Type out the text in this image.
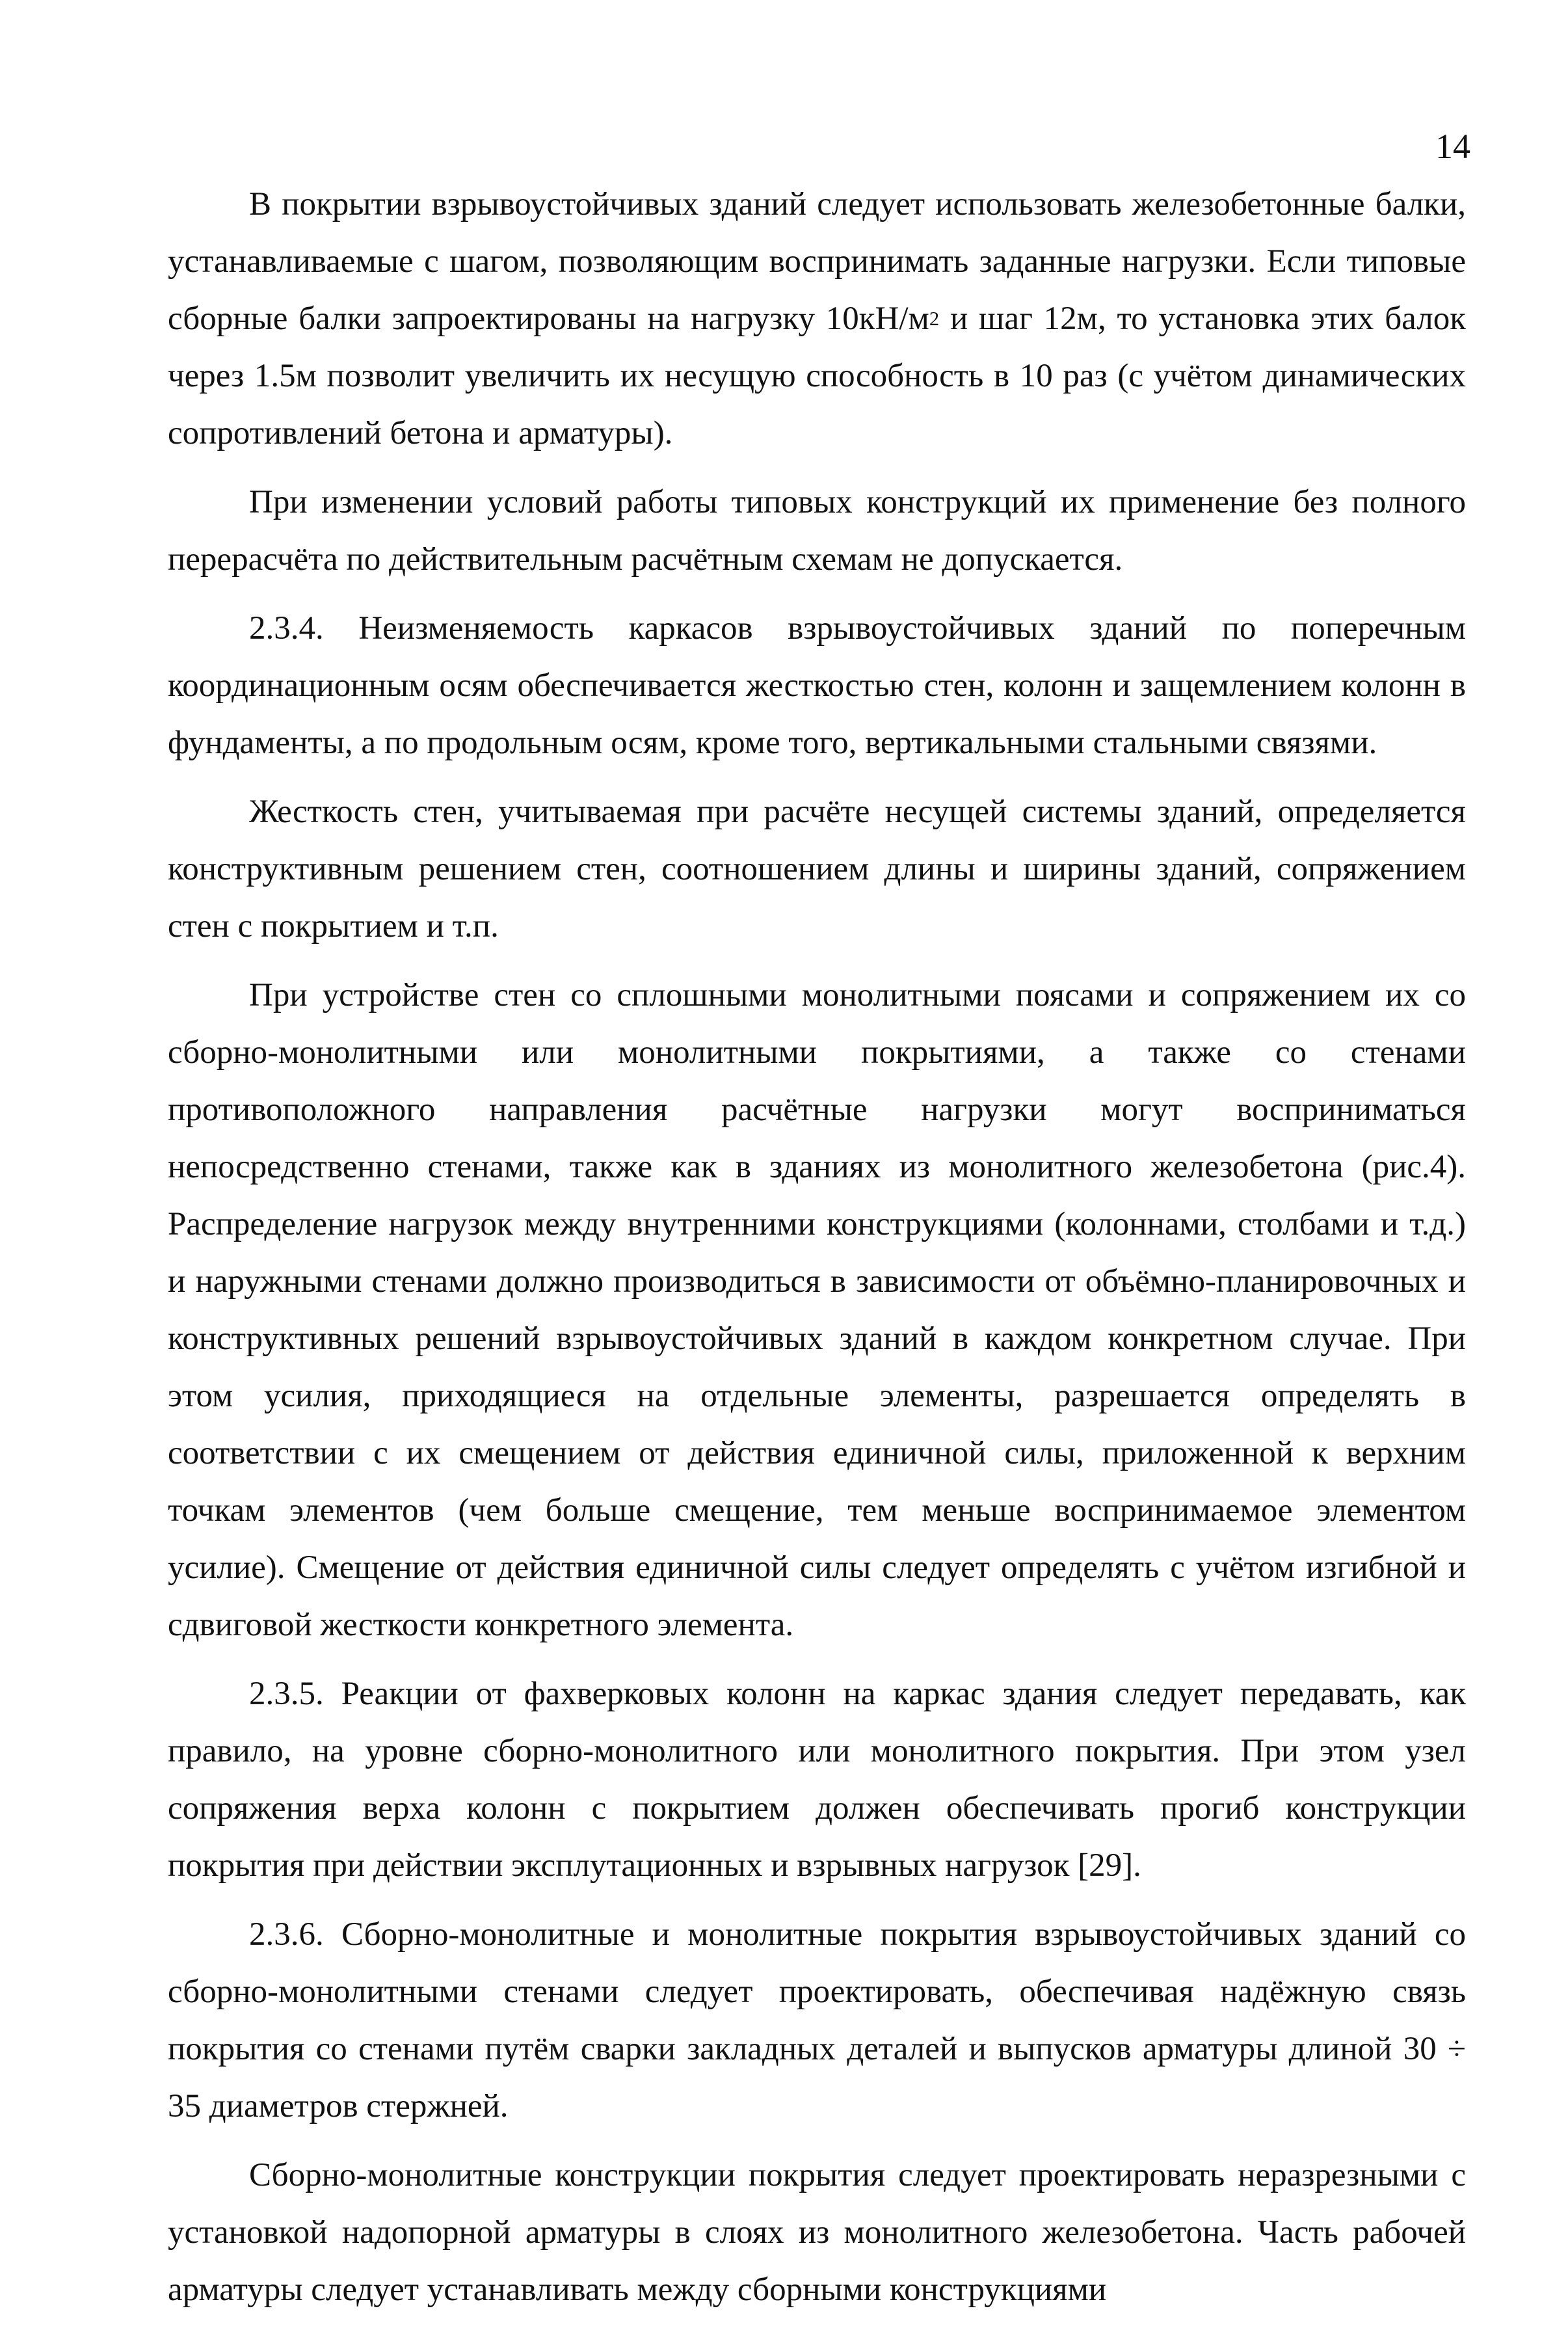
14

В покрытии взрывоустойчивых зданий следует использовать железобетонные балки, устанавливаемые с шагом, позволяющим воспринимать заданные нагрузки. Если типовые сборные балки запроектированы на нагрузку $10кН/м^2$ и шаг 12м, то установка этих балок через 1.5м позволит увеличить их несущую способность в 10 раз (с учётом динамических сопротивлений бетона и арматуры).

При изменении условий работы типовых конструкций их применение без полного перерасчёта по действительным расчётным схемам не допускается.

2.3.4. Неизменяемость каркасов взрывоустойчивых зданий по поперечным координационным осям обеспечивается жесткостью стен, колонн и защемлением колонн в фундаменты, а по продольным осям, кроме того, вертикальными стальными связями.

Жесткость стен, учитываемая при расчёте несущей системы зданий, определяется конструктивным решением стен, соотношением длины и ширины зданий, сопряжением стен с покрытием и т.п.

При устройстве стен со сплошными монолитными поясами и сопряжением их со сборно-монолитными или монолитными покрытиями, а также со стенами противоположного направления расчётные нагрузки могут восприниматься непосредственно стенами, также как в зданиях из монолитного железобетона (рис.4). Распределение нагрузок между внутренними конструкциями (колоннами, столбами и т.д.) и наружными стенами должно производиться в зависимости от объёмно-планировочных и конструктивных решений взрывоустойчивых зданий в каждом конкретном случае. При этом усилия, приходящиеся на отдельные элементы, разрешается определять в соответствии с их смещением от действия единичной силы, приложенной к верхним точкам элементов (чем больше смещение, тем меньше воспринимаемое элементом усилие). Смещение от действия единичной силы следует определять с учётом изгибной и сдвиговой жесткости конкретного элемента.

2.3.5. Реакции от фахверковых колонн на каркас здания следует передавать, как правило, на уровне сборно-монолитного или монолитного покрытия. При этом узел сопряжения верха колонн с покрытием должен обеспечивать прогиб конструкции покрытия при действии эксплутационных и взрывных нагрузок [29].

2.3.6. Сборно-монолитные и монолитные покрытия взрывоустойчивых зданий со сборно-монолитными стенами следует проектировать, обеспечивая надёжную связь покрытия со стенами путём сварки закладных деталей и выпусков арматуры длиной 30 ÷ 35 диаметров стержней.

Сборно-монолитные конструкции покрытия следует проектировать неразрезными с установкой надопорной арматуры в слоях из монолитного железобетона. Часть рабочей арматуры следует устанавливать между сборными конструкциями
